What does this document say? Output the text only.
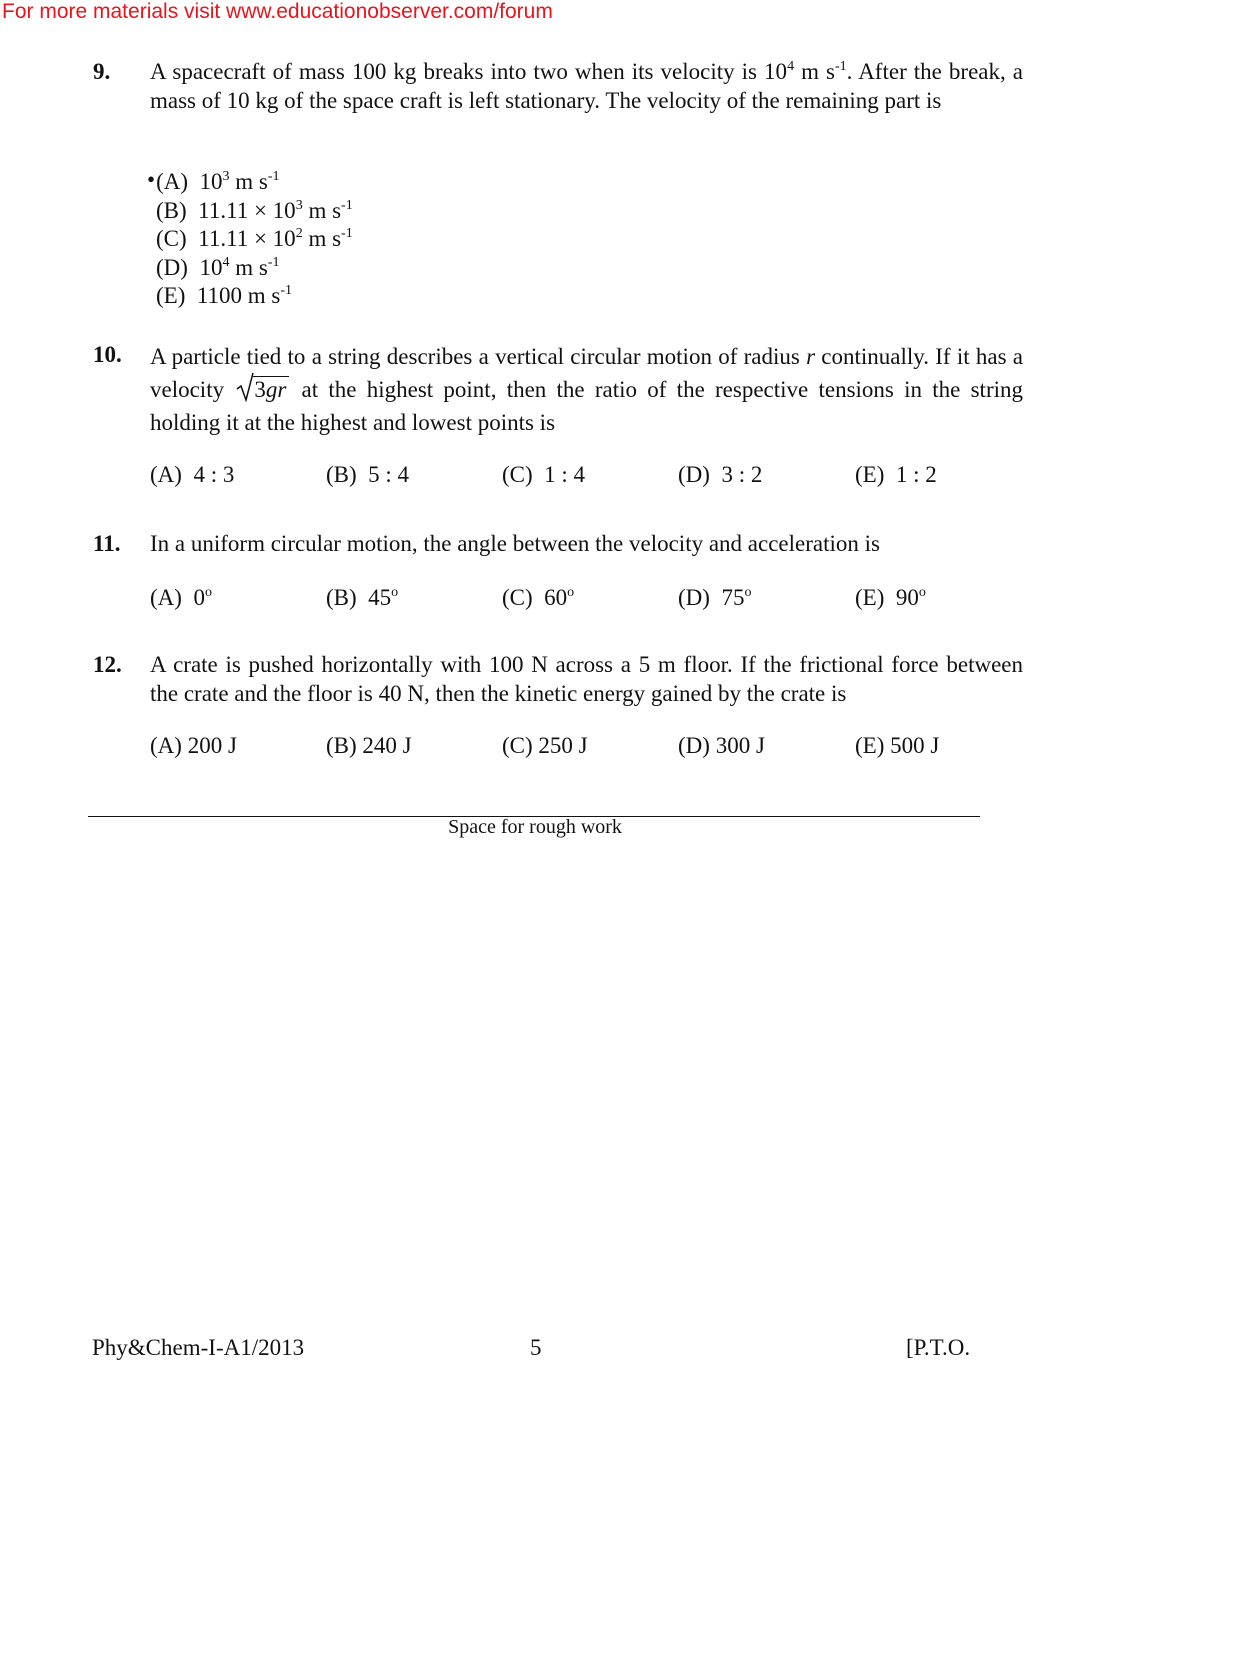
For more materials visit www.educationobserver.com/forum
9. A spacecraft of mass 100 kg breaks into two when its velocity is $10^4$ m $s^{-1}$. After the break, a mass of 10 kg of the space craft is left stationary. The velocity of the remaining part is
•(A) $10^3$ m $s^{-1}$
(B) $11.11 \times 10^3$ m $s^{-1}$
(C) $11.11 \times 10^2$ m $s^{-1}$
(D) $10^4$ m $s^{-1}$
(E) 1100 m $s^{-1}$
10. A particle tied to a string describes a vertical circular motion of radius r continually. If it has a velocity
3gr at the highest point, then the ratio of the respective tensions in the string holding it at the highest and lowest points is
(A) 4 : 3	(B) 5 : 4	(C) 1 : 4	(D) 3 : 2	(E) 1 : 2
11. In a uniform circular motion, the angle between the velocity and acceleration is
(A) 0$^o$	(B) 45$^o$	(C) 60$^o$	(D) 75$^o$	(E) 90$^o$
12. A crate is pushed horizontally with 100 N across a 5 m floor. If the frictional force between the crate and the floor is 40 N, then the kinetic energy gained by the crate is
(A) 200 J	(B) 240 J	(C) 250 J	(D) 300 J	(E) 500 J
Space for rough work
Phy&Chem-I-A1/2013	5	[P.T.O.
